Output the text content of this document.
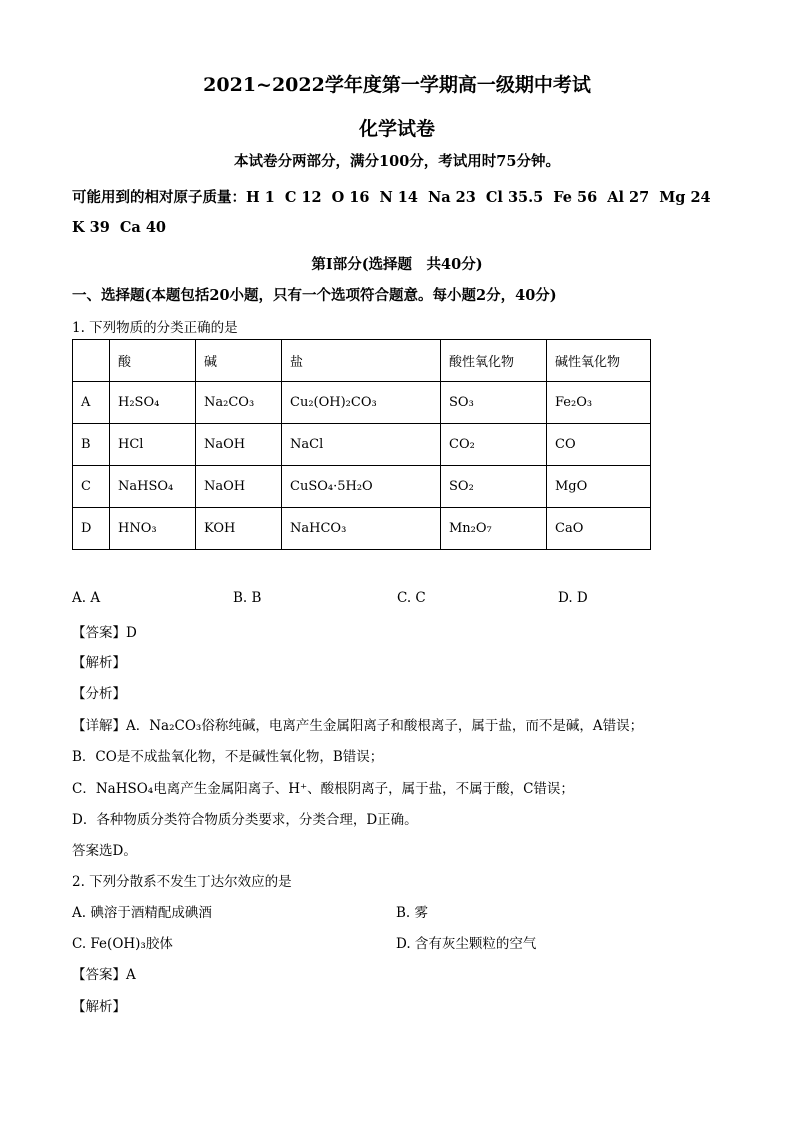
2021~2022学年度第一学期高一级期中考试
化学试卷
本试卷分两部分，满分100分，考试用时75分钟。
可能用到的相对原子质量：H 1 C 12 O 16 N 14 Na 23 Cl 35.5 Fe 56 Al 27 Mg 24
K 39 Ca 40
第I部分(选择题　共40分)
一、选择题(本题包括20小题，只有一个选项符合题意。每小题2分，40分)
1. 下列物质的分类正确的是
	酸	碱	盐	酸性氧化物	碱性氧化物
A	H₂SO₄	Na₂CO₃	Cu₂(OH)₂CO₃	SO₃	Fe₂O₃
B	HCl	NaOH	NaCl	CO₂	CO
C	NaHSO₄	NaOH	CuSO₄·5H₂O	SO₂	MgO
D	HNO₃	KOH	NaHCO₃	Mn₂O₇	CaO
A. A	B. B	C. C	D. D
【答案】D
【解析】
【分析】
【详解】A．Na₂CO₃俗称纯碱，电离产生金属阳离子和酸根离子，属于盐，而不是碱，A错误；
B．CO是不成盐氧化物，不是碱性氧化物，B错误；
C．NaHSO₄电离产生金属阳离子、H⁺、酸根阴离子，属于盐，不属于酸，C错误；
D．各种物质分类符合物质分类要求，分类合理，D正确。
答案选D。
2. 下列分散系不发生丁达尔效应的是
A. 碘溶于酒精配成碘酒	B. 雾
C. Fe(OH)₃胶体	D. 含有灰尘颗粒的空气
【答案】A
【解析】
